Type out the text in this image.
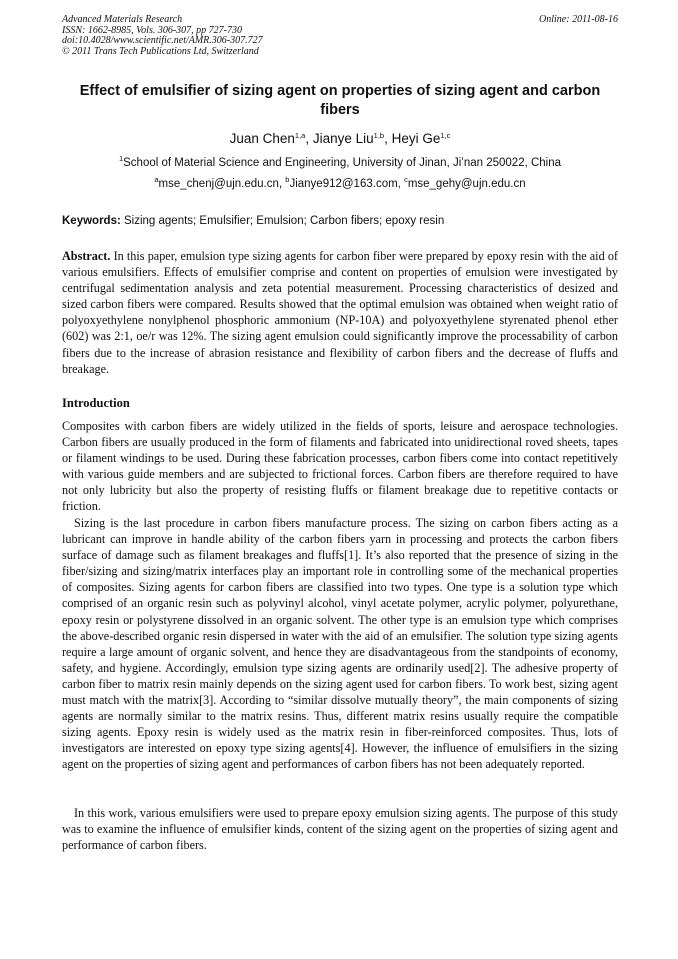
Advanced Materials Research
ISSN: 1662-8985, Vols. 306-307, pp 727-730
doi:10.4028/www.scientific.net/AMR.306-307.727
© 2011 Trans Tech Publications Ltd, Switzerland
Online: 2011-08-16
Effect of emulsifier of sizing agent on properties of sizing agent and carbon fibers
Juan Chen$^{1,a}$, Jianye Liu$^{1,b}$, Heyi Ge$^{1,c}$
$^1$School of Material Science and Engineering, University of Jinan, Ji’nan 250022, China
$^a$mse_chenj@ujn.edu.cn, $^b$Jianye912@163.com, $^c$mse_gehy@ujn.edu.cn
Keywords: Sizing agents; Emulsifier; Emulsion; Carbon fibers; epoxy resin
Abstract. In this paper, emulsion type sizing agents for carbon fiber were prepared by epoxy resin with the aid of various emulsifiers. Effects of emulsifier comprise and content on properties of emulsion were investigated by centrifugal sedimentation analysis and zeta potential measurement. Processing characteristics of desized and sized carbon fibers were compared. Results showed that the optimal emulsion was obtained when weight ratio of polyoxyethylene nonylphenol phosphoric ammonium (NP-10A) and polyoxyethylene styrenated phenol ether (602) was 2:1, oe/r was 12%. The sizing agent emulsion could significantly improve the processability of carbon fibers due to the increase of abrasion resistance and flexibility of carbon fibers and the decrease of fluffs and breakage.
Introduction
Composites with carbon fibers are widely utilized in the fields of sports, leisure and aerospace technologies. Carbon fibers are usually produced in the form of filaments and fabricated into unidirectional roved sheets, tapes or filament windings to be used. During these fabrication processes, carbon fibers come into contact repetitively with various guide members and are subjected to frictional forces. Carbon fibers are therefore required to have not only lubricity but also the property of resisting fluffs or filament breakage due to repetitive contacts or friction.
Sizing is the last procedure in carbon fibers manufacture process. The sizing on carbon fibers acting as a lubricant can improve in handle ability of the carbon fibers yarn in processing and protects the carbon fibers surface of damage such as filament breakages and fluffs[1]. It’s also reported that the presence of sizing in the fiber/sizing and sizing/matrix interfaces play an important role in controlling some of the mechanical properties of composites. Sizing agents for carbon fibers are classified into two types. One type is a solution type which comprised of an organic resin such as polyvinyl alcohol, vinyl acetate polymer, acrylic polymer, polyurethane, epoxy resin or polystyrene dissolved in an organic solvent. The other type is an emulsion type which comprises the above-described organic resin dispersed in water with the aid of an emulsifier. The solution type sizing agents require a large amount of organic solvent, and hence they are disadvantageous from the standpoints of economy, safety, and hygiene. Accordingly, emulsion type sizing agents are ordinarily used[2]. The adhesive property of carbon fiber to matrix resin mainly depends on the sizing agent used for carbon fibers. To work best, sizing agent must match with the matrix[3]. According to “similar dissolve mutually theory”, the main components of sizing agents are normally similar to the matrix resins. Thus, different matrix resins usually require the compatible sizing agents. Epoxy resin is widely used as the matrix resin in fiber-reinforced composites. Thus, lots of investigators are interested on epoxy type sizing agents[4]. However, the influence of emulsifiers in the sizing agent on the properties of sizing agent and performances of carbon fibers has not been adequately reported.
In this work, various emulsifiers were used to prepare epoxy emulsion sizing agents. The purpose of this study was to examine the influence of emulsifier kinds, content of the sizing agent on the properties of sizing agent and performance of carbon fibers.
